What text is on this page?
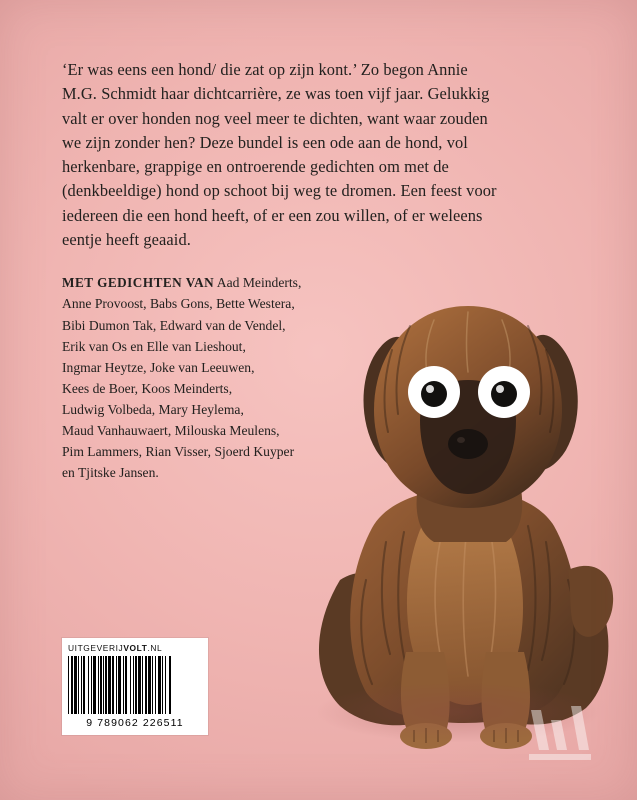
‘Er was eens een hond/ die zat op zijn kont.’ Zo begon Annie M.G. Schmidt haar dichtcarrière, ze was toen vijf jaar. Gelukkig valt er over honden nog veel meer te dichten, want waar zouden we zijn zonder hen? Deze bundel is een ode aan de hond, vol herkenbare, grappige en ontroerende gedichten om met de (denkbeeldige) hond op schoot bij weg te dromen. Een feest voor iedereen die een hond heeft, of er een zou willen, of er weleens eentje heeft geaaid.
MET GEDICHTEN VAN Aad Meinderts,
Anne Provoost, Babs Gons, Bette Westera,
Bibi Dumon Tak, Edward van de Vendel,
Erik van Os en Elle van Lieshout,
Ingmar Heytze, Joke van Leeuwen,
Kees de Boer, Koos Meinderts,
Ludwig Volbeda, Mary Heylema,
Maud Vanhauwaert, Milouska Meulens,
Pim Lammers, Rian Visser, Sjoerd Kuyper
en Tjitske Jansen.
UITGEVERIJVOLT.NL
9 789062 226511
